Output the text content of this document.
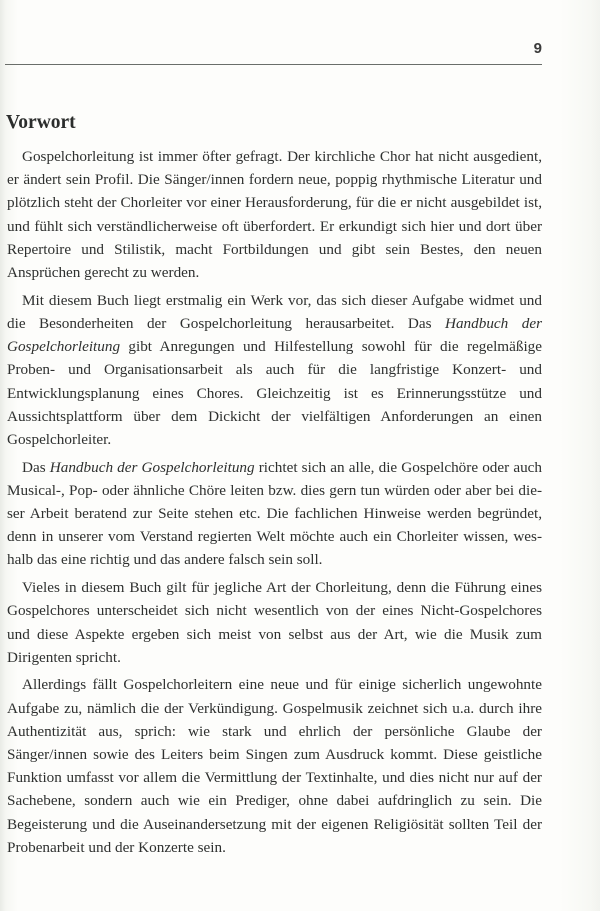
9
Vorwort

Gospelchorleitung ist immer öfter gefragt. Der kirchliche Chor hat nicht ausgedient, er ändert sein Profil. Die Sänger/innen fordern neue, poppig rhythmische Literatur und plötzlich steht der Chorleiter vor einer Herausforderung, für die er nicht ausgebildet ist, und fühlt sich verständlicherweise oft überfordert. Er erkundigt sich hier und dort über Repertoire und Stilistik, macht Fortbildungen und gibt sein Bestes, den neuen Ansprüchen gerecht zu werden.

Mit diesem Buch liegt erstmalig ein Werk vor, das sich dieser Aufgabe widmet und die Besonderheiten der Gospelchorleitung herausarbeitet. Das Handbuch der Gospelchorleitung gibt Anregungen und Hilfestellung sowohl für die regelmäßige Proben- und Organisationsarbeit als auch für die langfristige Konzert- und Entwicklungsplanung eines Chores. Gleichzeitig ist es Erinnerungsstütze und Aussichtsplattform über dem Dickicht der vielfältigen Anforderungen an einen Gospelchorleiter.

Das Handbuch der Gospelchorleitung richtet sich an alle, die Gospelchöre oder auch Musical-, Pop- oder ähnliche Chöre leiten bzw. dies gern tun würden oder aber bei die-ser Arbeit beratend zur Seite stehen etc. Die fachlichen Hinweise werden begründet, denn in unserer vom Verstand regierten Welt möchte auch ein Chorleiter wissen, wes-halb das eine richtig und das andere falsch sein soll.

Vieles in diesem Buch gilt für jegliche Art der Chorleitung, denn die Führung eines Gospelchores unterscheidet sich nicht wesentlich von der eines Nicht-Gospelchores und diese Aspekte ergeben sich meist von selbst aus der Art, wie die Musik zum Dirigenten spricht.

Allerdings fällt Gospelchorleitern eine neue und für einige sicherlich ungewohnte Aufgabe zu, nämlich die der Verkündigung. Gospelmusik zeichnet sich u.a. durch ihre Authentizität aus, sprich: wie stark und ehrlich der persönliche Glaube der Sänger/innen sowie des Leiters beim Singen zum Ausdruck kommt. Diese geistliche Funktion umfasst vor allem die Vermittlung der Textinhalte, und dies nicht nur auf der Sachebene, sondern auch wie ein Prediger, ohne dabei aufdringlich zu sein. Die Begeisterung und die Auseinandersetzung mit der eigenen Religiösität sollten Teil der Probenarbeit und der Konzerte sein.
